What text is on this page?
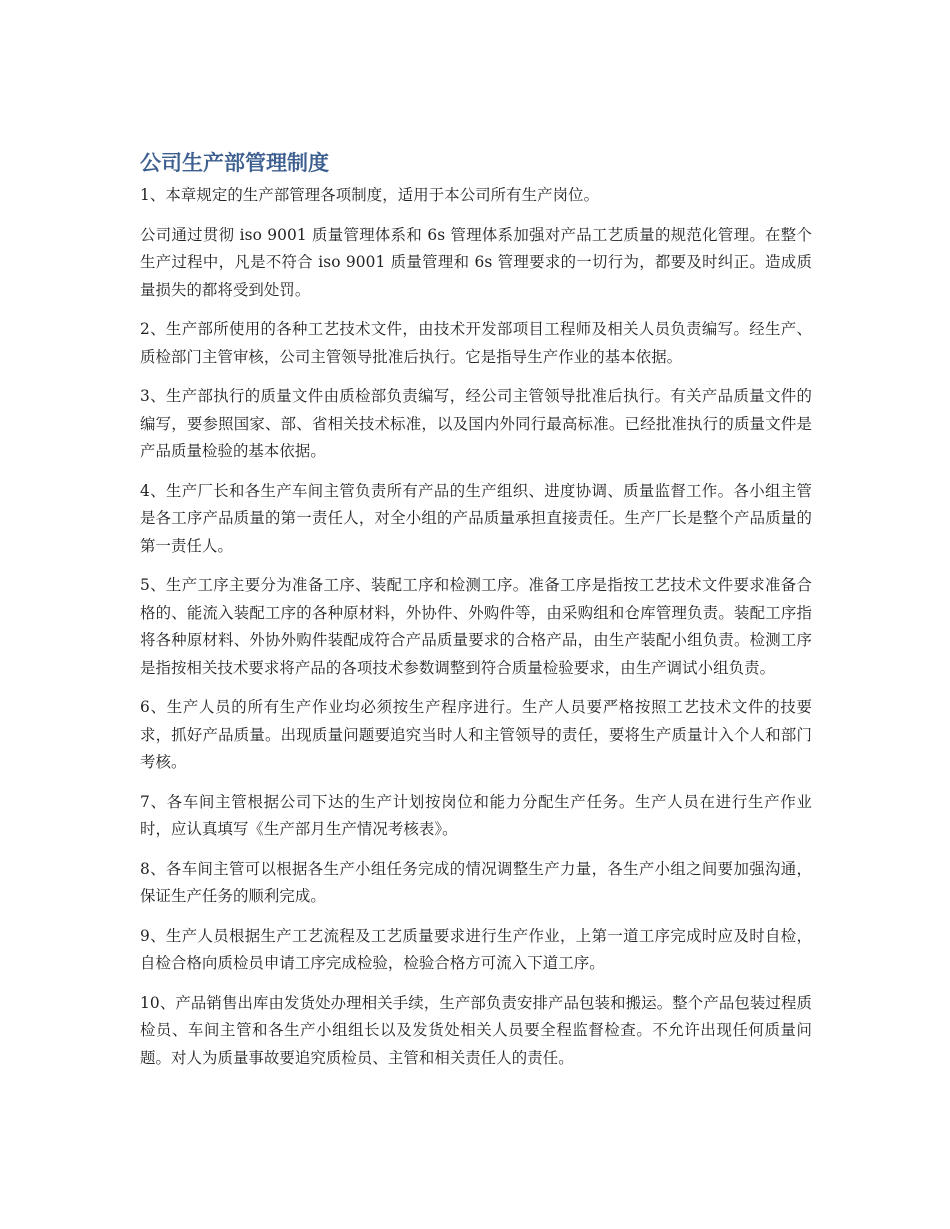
公司生产部管理制度

1、本章规定的生产部管理各项制度，适用于本公司所有生产岗位。

公司通过贯彻 iso 9001 质量管理体系和 6s 管理体系加强对产品工艺质量的规范化管理。在整个生产过程中，凡是不符合 iso 9001 质量管理和 6s 管理要求的一切行为，都要及时纠正。造成质量损失的都将受到处罚。

2、生产部所使用的各种工艺技术文件，由技术开发部项目工程师及相关人员负责编写。经生产、质检部门主管审核，公司主管领导批准后执行。它是指导生产作业的基本依据。

3、生产部执行的质量文件由质检部负责编写，经公司主管领导批准后执行。有关产品质量文件的编写，要参照国家、部、省相关技术标准，以及国内外同行最高标准。已经批准执行的质量文件是产品质量检验的基本依据。

4、生产厂长和各生产车间主管负责所有产品的生产组织、进度协调、质量监督工作。各小组主管是各工序产品质量的第一责任人，对全小组的产品质量承担直接责任。生产厂长是整个产品质量的第一责任人。

5、生产工序主要分为准备工序、装配工序和检测工序。准备工序是指按工艺技术文件要求准备合格的、能流入装配工序的各种原材料，外协件、外购件等，由采购组和仓库管理负责。装配工序指将各种原材料、外协外购件装配成符合产品质量要求的合格产品，由生产装配小组负责。检测工序是指按相关技术要求将产品的各项技术参数调整到符合质量检验要求，由生产调试小组负责。

6、生产人员的所有生产作业均必须按生产程序进行。生产人员要严格按照工艺技术文件的技要求，抓好产品质量。出现质量问题要追究当时人和主管领导的责任，要将生产质量计入个人和部门考核。

7、各车间主管根据公司下达的生产计划按岗位和能力分配生产任务。生产人员在进行生产作业时，应认真填写《生产部月生产情况考核表》。

8、各车间主管可以根据各生产小组任务完成的情况调整生产力量，各生产小组之间要加强沟通，保证生产任务的顺利完成。

9、生产人员根据生产工艺流程及工艺质量要求进行生产作业，上第一道工序完成时应及时自检，自检合格向质检员申请工序完成检验，检验合格方可流入下道工序。

10、产品销售出库由发货处办理相关手续，生产部负责安排产品包装和搬运。整个产品包装过程质检员、车间主管和各生产小组组长以及发货处相关人员要全程监督检查。不允许出现任何质量问题。对人为质量事故要追究质检员、主管和相关责任人的责任。
